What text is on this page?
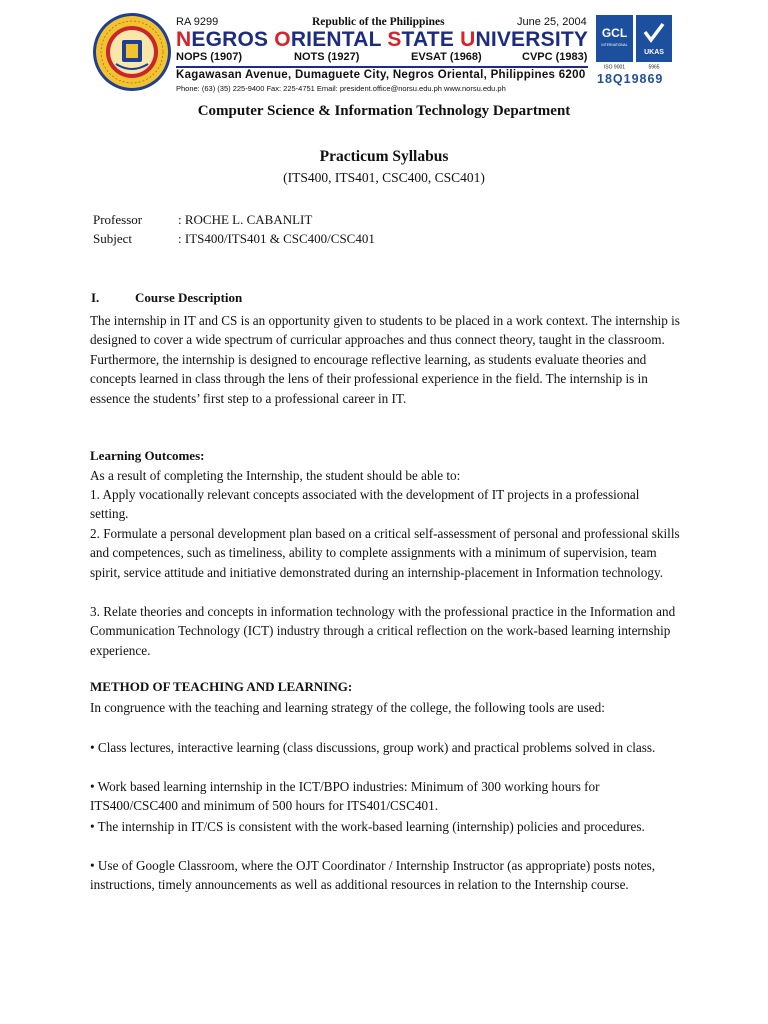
RA 9299	Republic of the Philippines	June 25, 2004
NEGROS ORIENTAL STATE UNIVERSITY
NOPS (1907)	NOTS (1927)	EVSAT (1968)	CVPC (1983)
Kagawasan Avenue, Dumaguete City, Negros Oriental, Philippines 6200
Phone: (63) (35) 225-9400 Fax: 225-4751 Email: president.office@norsu.edu.ph www.norsu.edu.ph
GCL
INTERNATIONAL
UKAS
ISO 9001	5965
18Q19869
Computer Science & Information Technology Department
Practicum Syllabus
(ITS400, ITS401, CSC400, CSC401)
Professor	: ROCHE L. CABANLIT
Subject	: ITS400/ITS401 & CSC400/CSC401
I.	Course Description

The internship in IT and CS is an opportunity given to students to be placed in a work context. The internship is designed to cover a wide spectrum of curricular approaches and thus connect theory, taught in the classroom. Furthermore, the internship is designed to encourage reflective learning, as students evaluate theories and concepts learned in class through the lens of their professional experience in the field. The internship is in essence the students’ first step to a professional career in IT.

Learning Outcomes:

As a result of completing the Internship, the student should be able to:

1. Apply vocationally relevant concepts associated with the development of IT projects in a professional setting.

2. Formulate a personal development plan based on a critical self-assessment of personal and professional skills and competences, such as timeliness, ability to complete assignments with a minimum of supervision, team spirit, service attitude and initiative demonstrated during an internship-placement in Information technology.

3. Relate theories and concepts in information technology with the professional practice in the Information and Communication Technology (ICT) industry through a critical reflection on the work-based learning internship experience.

METHOD OF TEACHING AND LEARNING:

In congruence with the teaching and learning strategy of the college, the following tools are used:

• Class lectures, interactive learning (class discussions, group work) and practical problems solved in class.

• Work based learning internship in the ICT/BPO industries: Minimum of 300 working hours for ITS400/CSC400 and minimum of 500 hours for ITS401/CSC401.

• The internship in IT/CS is consistent with the work-based learning (internship) policies and procedures.

• Use of Google Classroom, where the OJT Coordinator / Internship Instructor (as appropriate) posts notes, instructions, timely announcements as well as additional resources in relation to the Internship course.
